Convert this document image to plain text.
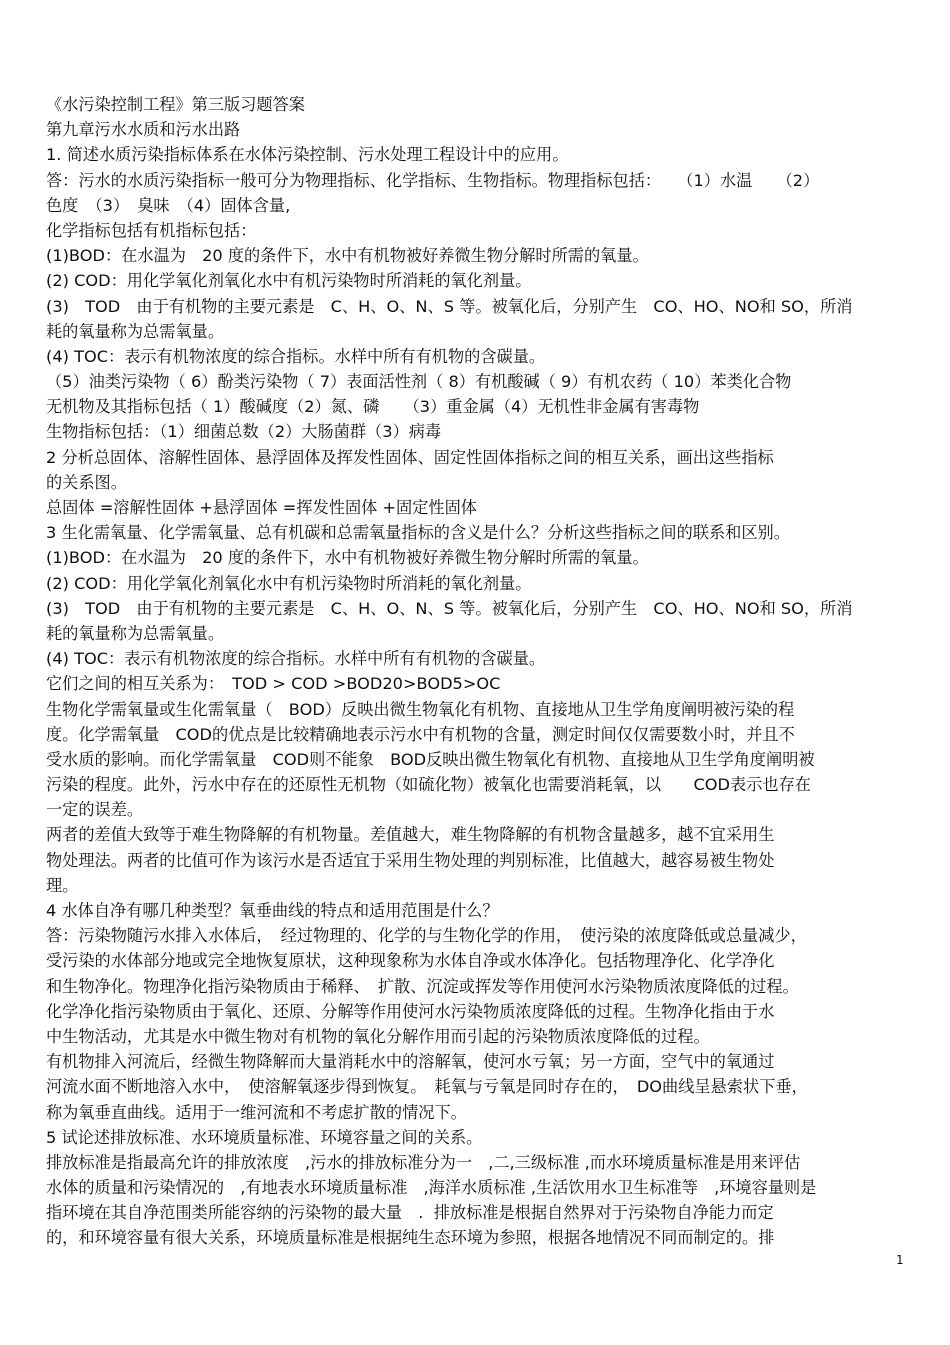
《水污染控制工程》第三版习题答案
第九章污水水质和污水出路
1. 简述水质污染指标体系在水体污染控制、污水处理工程设计中的应用。
答：污水的水质污染指标一般可分为物理指标、化学指标、生物指标。物理指标包括：　　（1）水温　　（2）
色度　（3）　臭味　（4）固体含量,
化学指标包括有机指标包括：
(1)BOD：在水温为　20 度的条件下，水中有机物被好养微生物分解时所需的氧量。
(2) COD：用化学氧化剂氧化水中有机污染物时所消耗的氧化剂量。
(3)　TOD　由于有机物的主要元素是　C、H、O、N、S 等。被氧化后，分别产生　CO、HO、NO和 SO，所消
耗的氧量称为总需氧量。
(4) TOC：表示有机物浓度的综合指标。水样中所有有机物的含碳量。
（5）油类污染物（ 6）酚类污染物（ 7）表面活性剂（ 8）有机酸碱（ 9）有机农药（ 10）苯类化合物
无机物及其指标包括（ 1）酸碱度（2）氮、磷　　（3）重金属（4）无机性非金属有害毒物
生物指标包括：（1）细菌总数（2）大肠菌群（3）病毒
2 分析总固体、溶解性固体、悬浮固体及挥发性固体、固定性固体指标之间的相互关系，画出这些指标
的关系图。
总固体 =溶解性固体 +悬浮固体 =挥发性固体 +固定性固体
3 生化需氧量、化学需氧量、总有机碳和总需氧量指标的含义是什么？分析这些指标之间的联系和区别。
(1)BOD：在水温为　20 度的条件下，水中有机物被好养微生物分解时所需的氧量。
(2) COD：用化学氧化剂氧化水中有机污染物时所消耗的氧化剂量。
(3)　TOD　由于有机物的主要元素是　C、H、O、N、S 等。被氧化后，分别产生　CO、HO、NO和 SO，所消
耗的氧量称为总需氧量。
(4) TOC：表示有机物浓度的综合指标。水样中所有有机物的含碳量。
它们之间的相互关系为：　TOD > COD >BOD20>BOD5>OC
生物化学需氧量或生化需氧量（　BOD）反映出微生物氧化有机物、直接地从卫生学角度阐明被污染的程
度。化学需氧量　COD的优点是比较精确地表示污水中有机物的含量，测定时间仅仅需要数小时，并且不
受水质的影响。而化学需氧量　COD则不能象　BOD反映出微生物氧化有机物、直接地从卫生学角度阐明被
污染的程度。此外，污水中存在的还原性无机物（如硫化物）被氧化也需要消耗氧，以　　COD表示也存在
一定的误差。
两者的差值大致等于难生物降解的有机物量。差值越大，难生物降解的有机物含量越多，越不宜采用生
物处理法。两者的比值可作为该污水是否适宜于采用生物处理的判别标准，比值越大，越容易被生物处
理。
4 水体自净有哪几种类型？氧垂曲线的特点和适用范围是什么？
答：污染物随污水排入水体后，　经过物理的、化学的与生物化学的作用，　使污染的浓度降低或总量减少，
受污染的水体部分地或完全地恢复原状，这种现象称为水体自净或水体净化。包括物理净化、化学净化
和生物净化。物理净化指污染物质由于稀释、　扩散、沉淀或挥发等作用使河水污染物质浓度降低的过程。
化学净化指污染物质由于氧化、还原、分解等作用使河水污染物质浓度降低的过程。生物净化指由于水
中生物活动，尤其是水中微生物对有机物的氧化分解作用而引起的污染物质浓度降低的过程。
有机物排入河流后，经微生物降解而大量消耗水中的溶解氧，使河水亏氧；另一方面，空气中的氧通过
河流水面不断地溶入水中，　使溶解氧逐步得到恢复。　耗氧与亏氧是同时存在的，　DO曲线呈悬索状下垂，
称为氧垂直曲线。适用于一维河流和不考虑扩散的情况下。
5 试论述排放标准、水环境质量标准、环境容量之间的关系。
排放标准是指最高允许的排放浓度　,污水的排放标准分为一　,二,三级标准 ,而水环境质量标准是用来评估
水体的质量和污染情况的　,有地表水环境质量标准　,海洋水质标准 ,生活饮用水卫生标准等　,环境容量则是
指环境在其自净范围类所能容纳的污染物的最大量　.  排放标准是根据自然界对于污染物自净能力而定
的，和环境容量有很大关系，环境质量标准是根据纯生态环境为参照，根据各地情况不同而制定的。排
1
